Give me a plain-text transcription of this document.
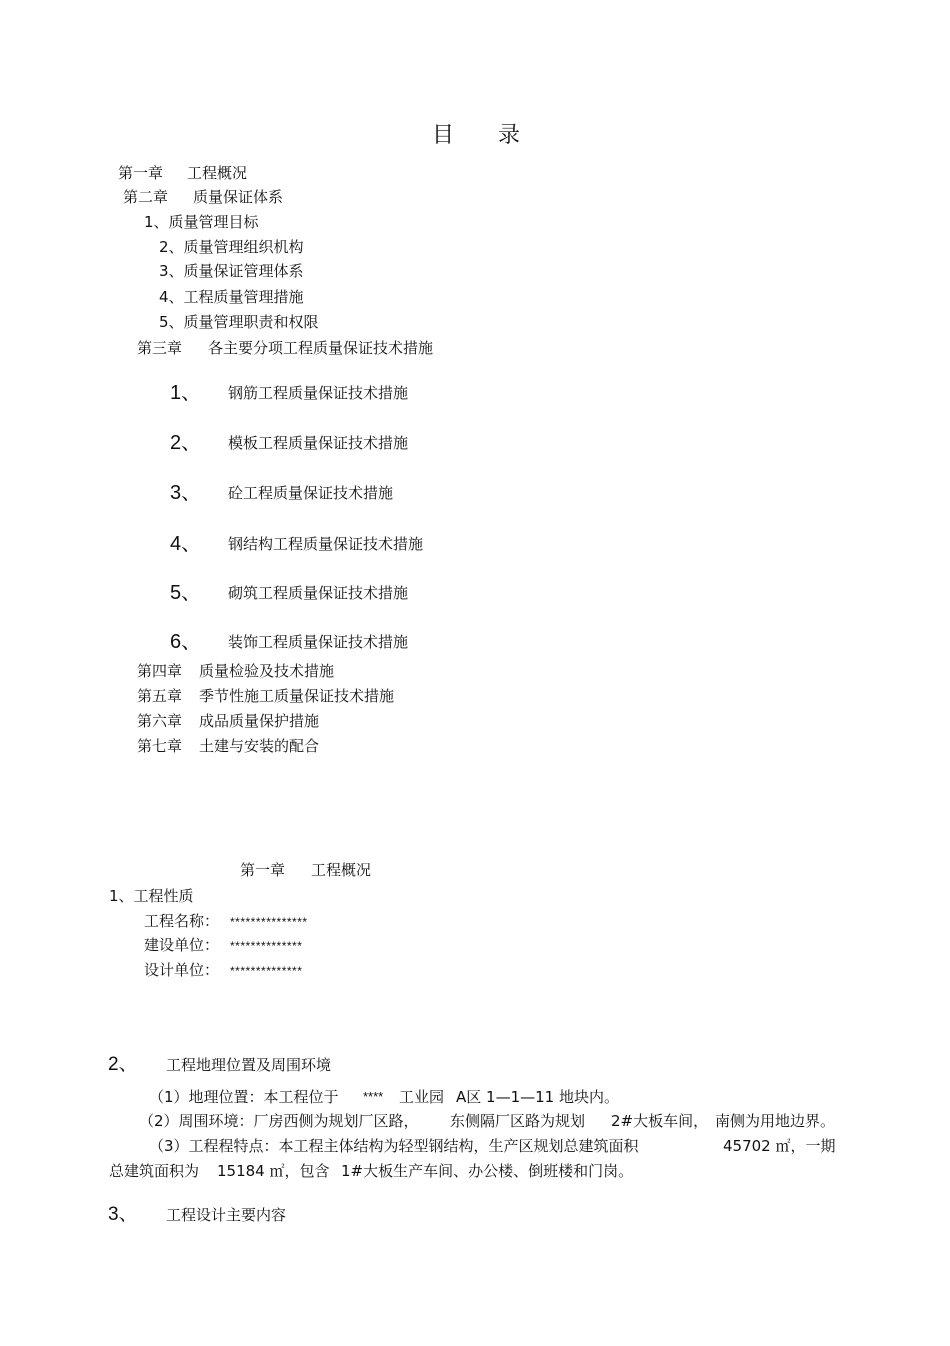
目 录
第一章 工程概况
第二章 质量保证体系
1、质量管理目标
2、质量管理组织机构
3、质量保证管理体系
4、工程质量管理措施
5、质量管理职责和权限
第三章 各主要分项工程质量保证技术措施
1、 钢筋工程质量保证技术措施
2、 模板工程质量保证技术措施
3、 砼工程质量保证技术措施
4、 钢结构工程质量保证技术措施
5、 砌筑工程质量保证技术措施
6、 装饰工程质量保证技术措施
第四章 质量检验及技术措施
第五章 季节性施工质量保证技术措施
第六章 成品质量保护措施
第七章 土建与安装的配合
第一章 工程概况
1、工程性质
工程名称： ***************
建设单位： **************
设计单位： **************
2、 工程地理位置及周围环境
（1）地理位置：本工程位于 **** 工业园 A区 1—1—11 地块内。
（2）周围环境：厂房西侧为规划厂区路， 东侧隔厂区路为规划 2#大板车间， 南侧为用地边界。
（3）工程程特点：本工程主体结构为轻型钢结构，生产区规划总建筑面积	45702 ㎡，一期
总建筑面积为 15184 ㎡，包含 1#大板生产车间、办公楼、倒班楼和门岗。
3、 工程设计主要内容
